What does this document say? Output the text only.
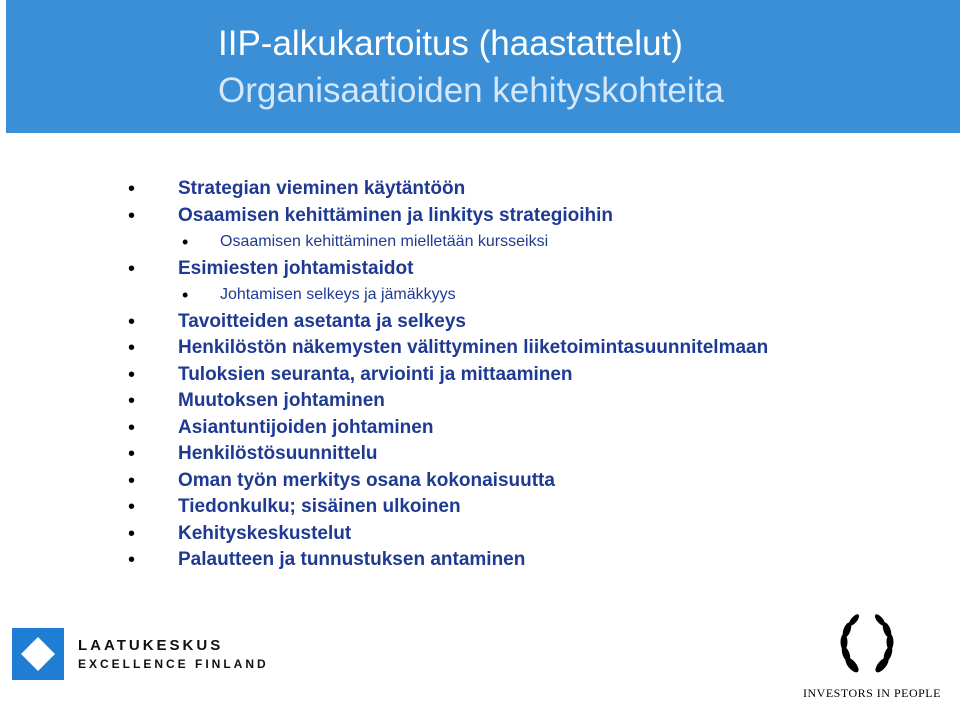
IIP-alkukartoitus (haastattelut)
Organisaatioiden kehityskohteita
• Strategian vieminen käytäntöön
• Osaamisen kehittäminen ja linkitys strategioihin
• Osaamisen kehittäminen mielletään kursseiksi
• Esimiesten johtamistaidot
• Johtamisen selkeys ja jämäkkyys
• Tavoitteiden asetanta ja selkeys
• Henkilöstön näkemysten välittyminen liiketoimintasuunnitelmaan
• Tuloksien seuranta, arviointi ja mittaaminen
• Muutoksen johtaminen
• Asiantuntijoiden johtaminen
• Henkilöstösuunnittelu
• Oman työn merkitys osana kokonaisuutta
• Tiedonkulku; sisäinen ulkoinen
• Kehityskeskustelut
• Palautteen ja tunnustuksen antaminen
LAATUKESKUS
EXCELLENCE FINLAND
INVESTORS IN PEOPLE
